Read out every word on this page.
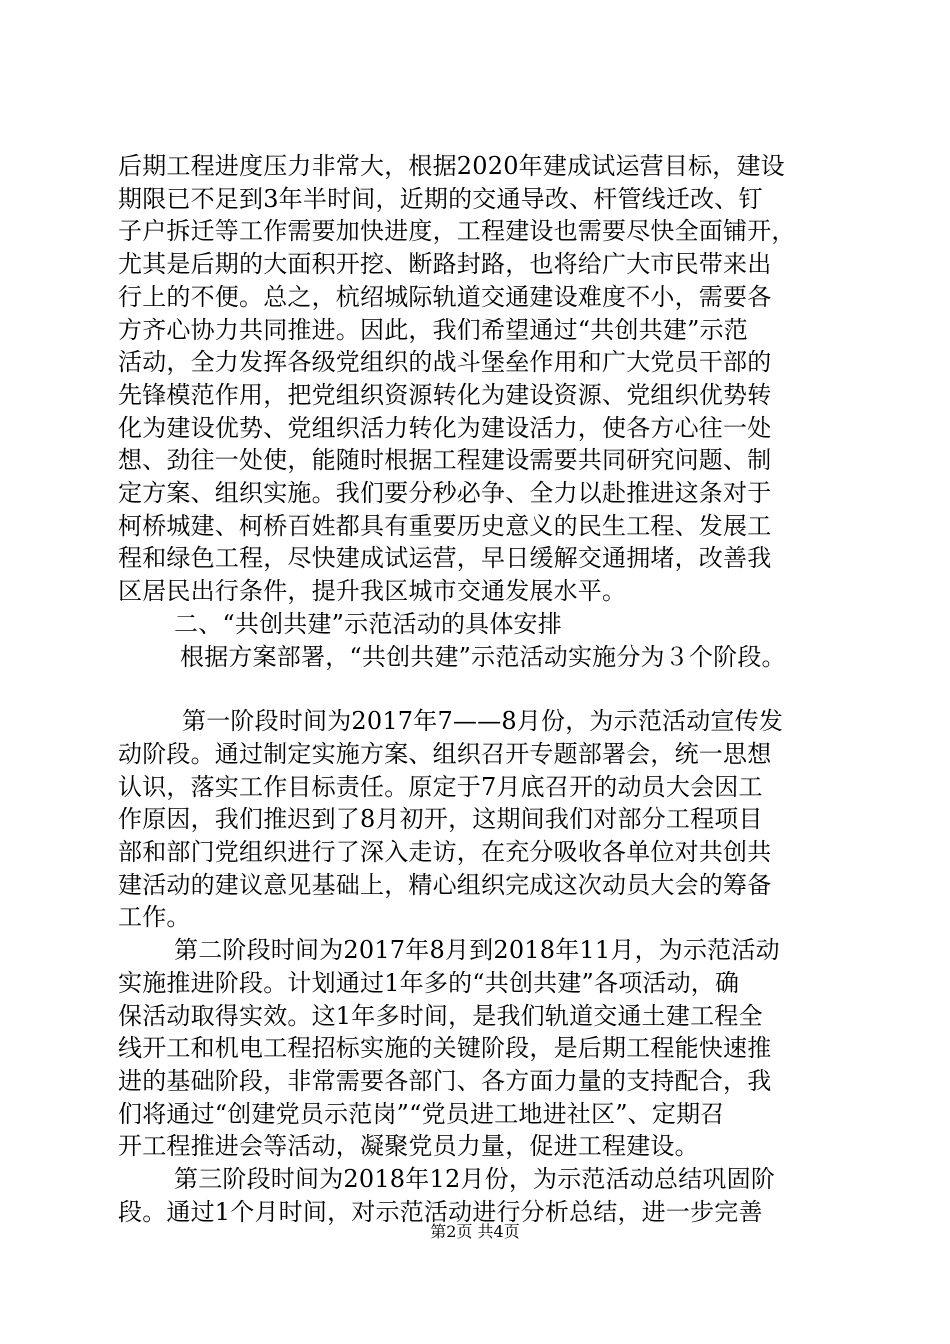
后期工程进度压力非常大，根据2020年建成试运营目标，建设
期限已不足到3年半时间，近期的交通导改、杆管线迁改、钉
子户拆迁等工作需要加快进度，工程建设也需要尽快全面铺开，
尤其是后期的大面积开挖、断路封路，也将给广大市民带来出
行上的不便。总之，杭绍城际轨道交通建设难度不小，需要各
方齐心协力共同推进。因此，我们希望通过“共创共建”示范
活动，全力发挥各级党组织的战斗堡垒作用和广大党员干部的
先锋模范作用，把党组织资源转化为建设资源、党组织优势转
化为建设优势、党组织活力转化为建设活力，使各方心往一处
想、劲往一处使，能随时根据工程建设需要共同研究问题、制
定方案、组织实施。我们要分秒必争、全力以赴推进这条对于
柯桥城建、柯桥百姓都具有重要历史意义的民生工程、发展工
程和绿色工程，尽快建成试运营，早日缓解交通拥堵，改善我
区居民出行条件，提升我区城市交通发展水平。
二、“共创共建”示范活动的具体安排
根据方案部署，“共创共建”示范活动实施分为３个阶段。
第一阶段时间为2017年7——8月份，为示范活动宣传发
动阶段。通过制定实施方案、组织召开专题部署会，统一思想
认识，落实工作目标责任。原定于7月底召开的动员大会因工
作原因，我们推迟到了8月初开，这期间我们对部分工程项目
部和部门党组织进行了深入走访，在充分吸收各单位对共创共
建活动的建议意见基础上，精心组织完成这次动员大会的筹备
工作。
第二阶段时间为2017年8月到2018年11月，为示范活动
实施推进阶段。计划通过1年多的“共创共建”各项活动，确
保活动取得实效。这1年多时间，是我们轨道交通土建工程全
线开工和机电工程招标实施的关键阶段，是后期工程能快速推
进的基础阶段，非常需要各部门、各方面力量的支持配合，我
们将通过“创建党员示范岗”“党员进工地进社区”、定期召
开工程推进会等活动，凝聚党员力量，促进工程建设。
第三阶段时间为2018年12月份，为示范活动总结巩固阶
段。通过1个月时间，对示范活动进行分析总结，进一步完善
第2页 共4页
